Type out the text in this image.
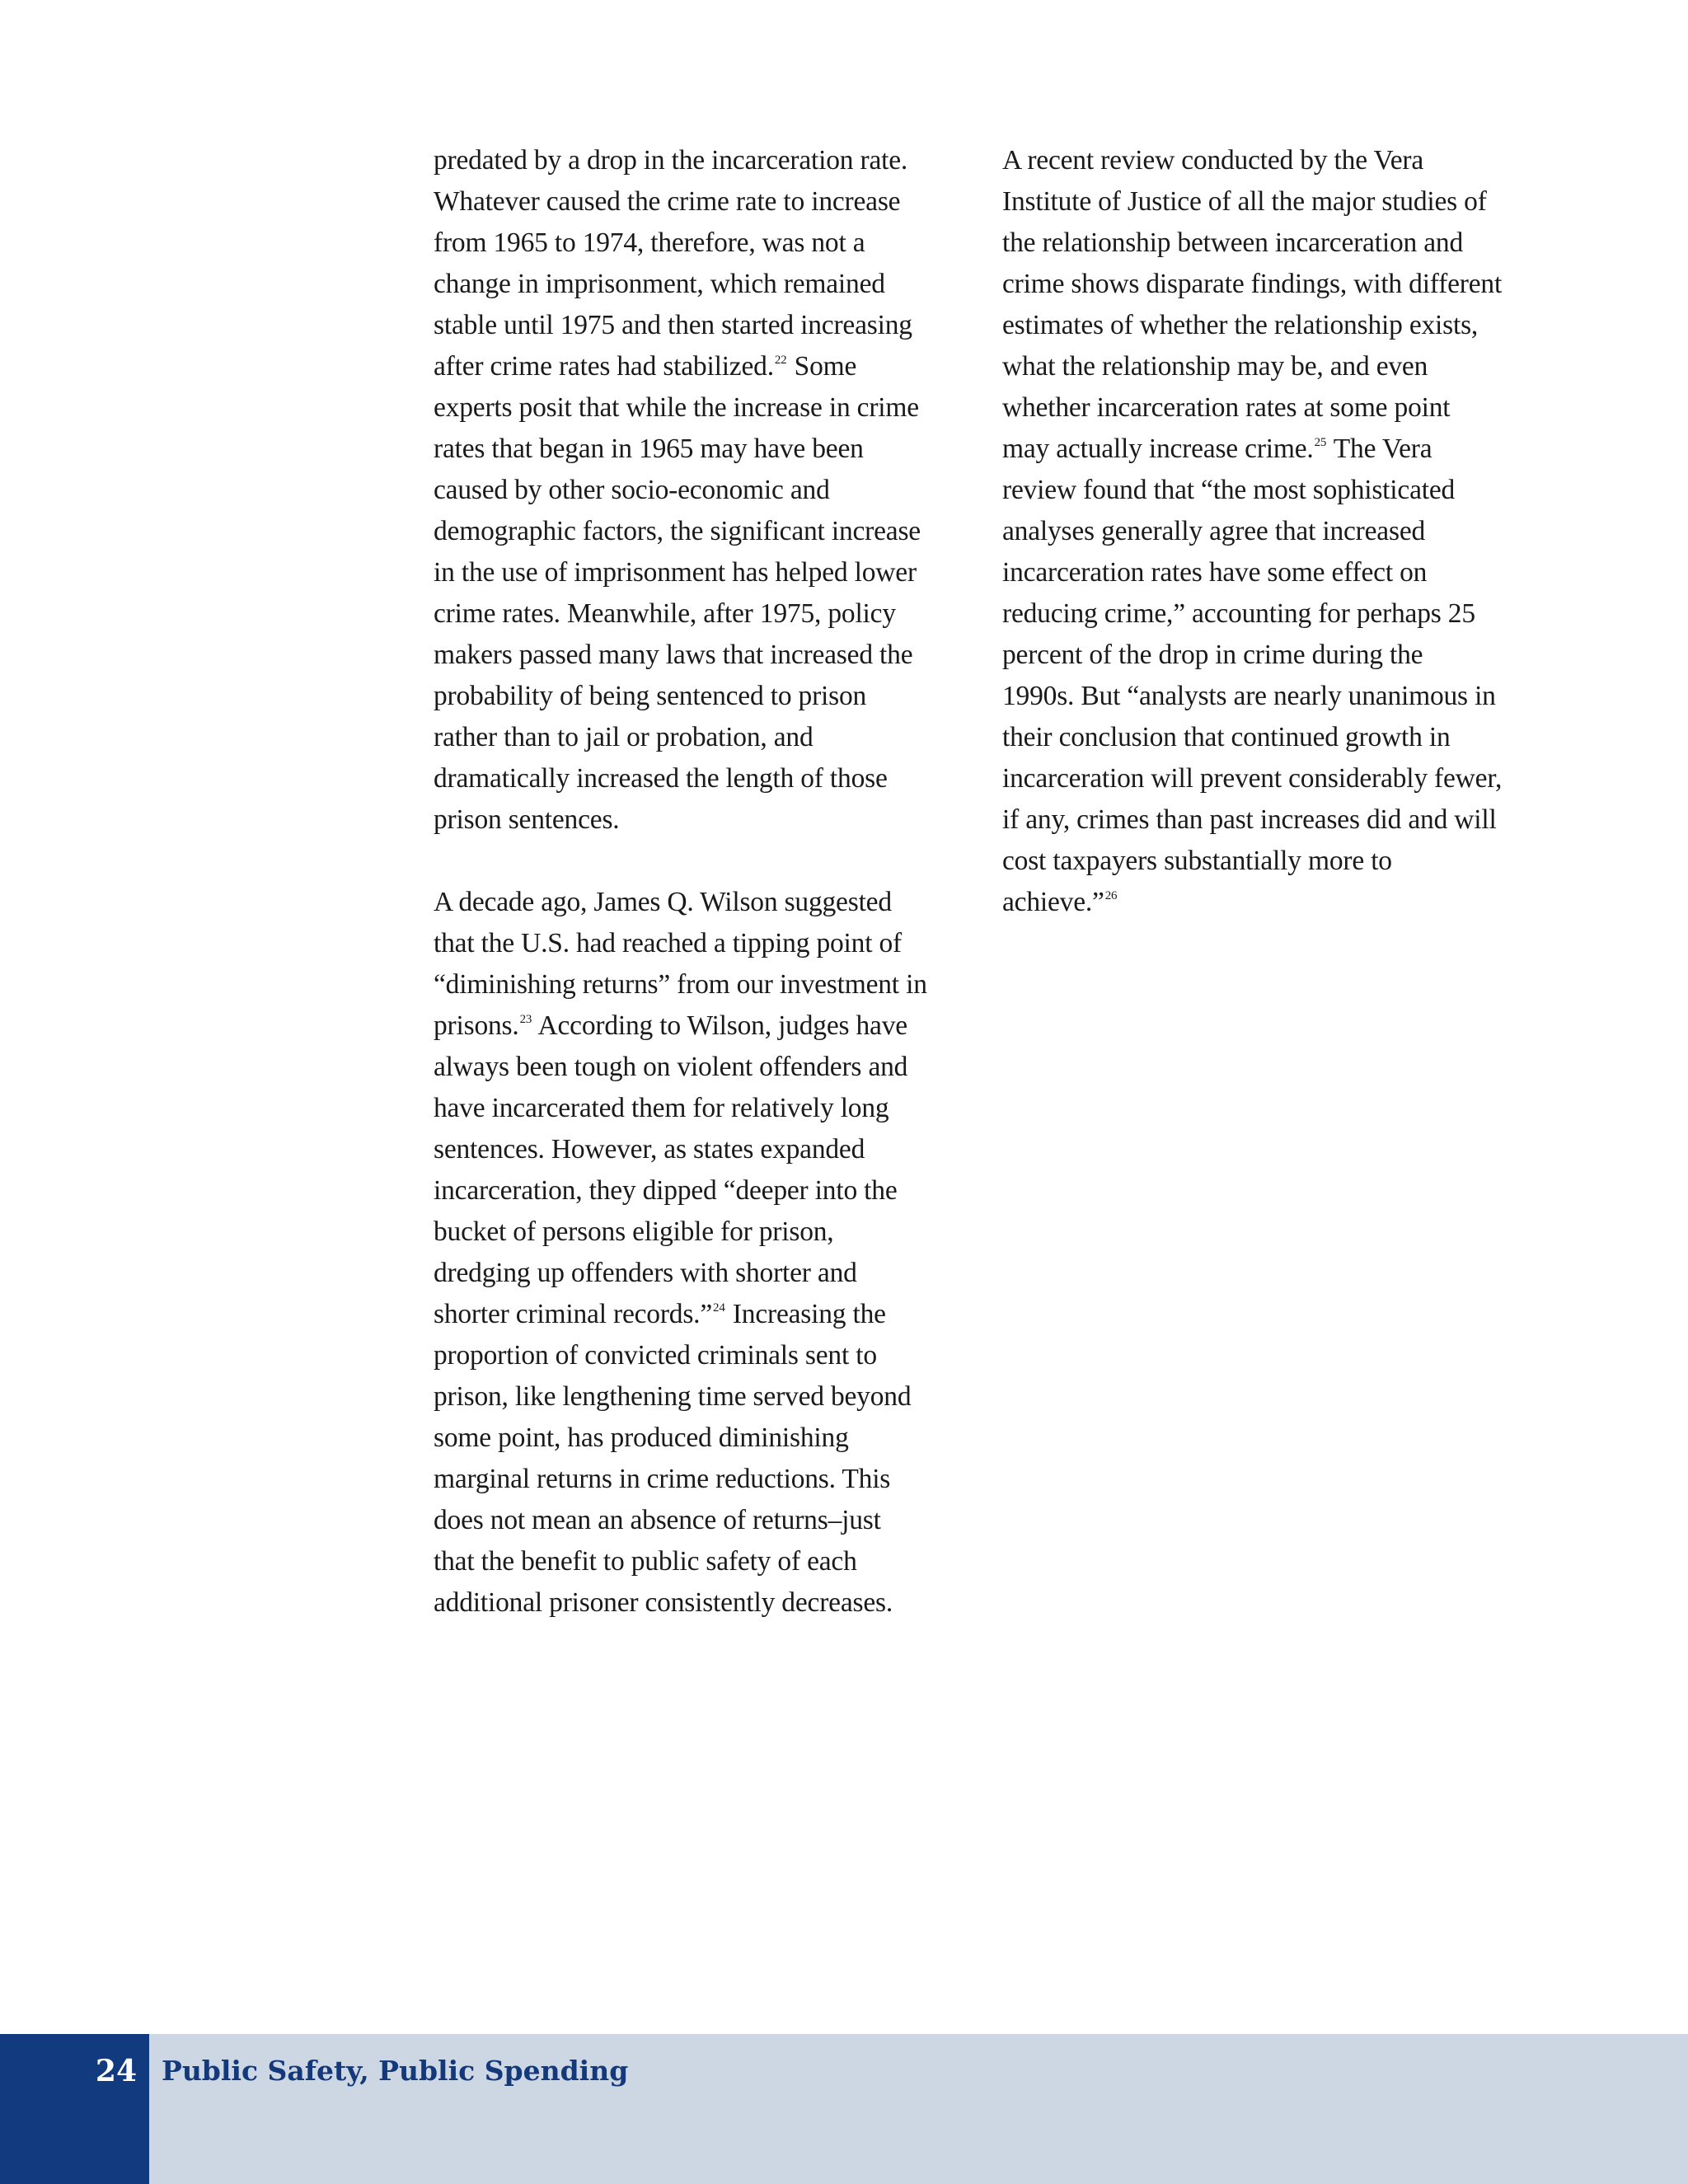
predated by a drop in the incarceration rate.
Whatever caused the crime rate to increase
from 1965 to 1974, therefore, was not a
change in imprisonment, which remained
stable until 1975 and then started increasing
after crime rates had stabilized.$^{22}$ Some
experts posit that while the increase in crime
rates that began in 1965 may have been
caused by other socio-economic and
demographic factors, the significant increase
in the use of imprisonment has helped lower
crime rates. Meanwhile, after 1975, policy
makers passed many laws that increased the
probability of being sentenced to prison
rather than to jail or probation, and
dramatically increased the length of those
prison sentences.
A decade ago, James Q. Wilson suggested
that the U.S. had reached a tipping point of
“diminishing returns” from our investment in
prisons.$^{23}$ According to Wilson, judges have
always been tough on violent offenders and
have incarcerated them for relatively long
sentences. However, as states expanded
incarceration, they dipped “deeper into the
bucket of persons eligible for prison,
dredging up offenders with shorter and
shorter criminal records.”$^{24}$ Increasing the
proportion of convicted criminals sent to
prison, like lengthening time served beyond
some point, has produced diminishing
marginal returns in crime reductions. This
does not mean an absence of returns–just
that the benefit to public safety of each
additional prisoner consistently decreases.
A recent review conducted by the Vera
Institute of Justice of all the major studies of
the relationship between incarceration and
crime shows disparate findings, with different
estimates of whether the relationship exists,
what the relationship may be, and even
whether incarceration rates at some point
may actually increase crime.$^{25}$ The Vera
review found that “the most sophisticated
analyses generally agree that increased
incarceration rates have some effect on
reducing crime,” accounting for perhaps 25
percent of the drop in crime during the
1990s. But “analysts are nearly unanimous in
their conclusion that continued growth in
incarceration will prevent considerably fewer,
if any, crimes than past increases did and will
cost taxpayers substantially more to
achieve.”$^{26}$
24 Public Safety, Public Spending
